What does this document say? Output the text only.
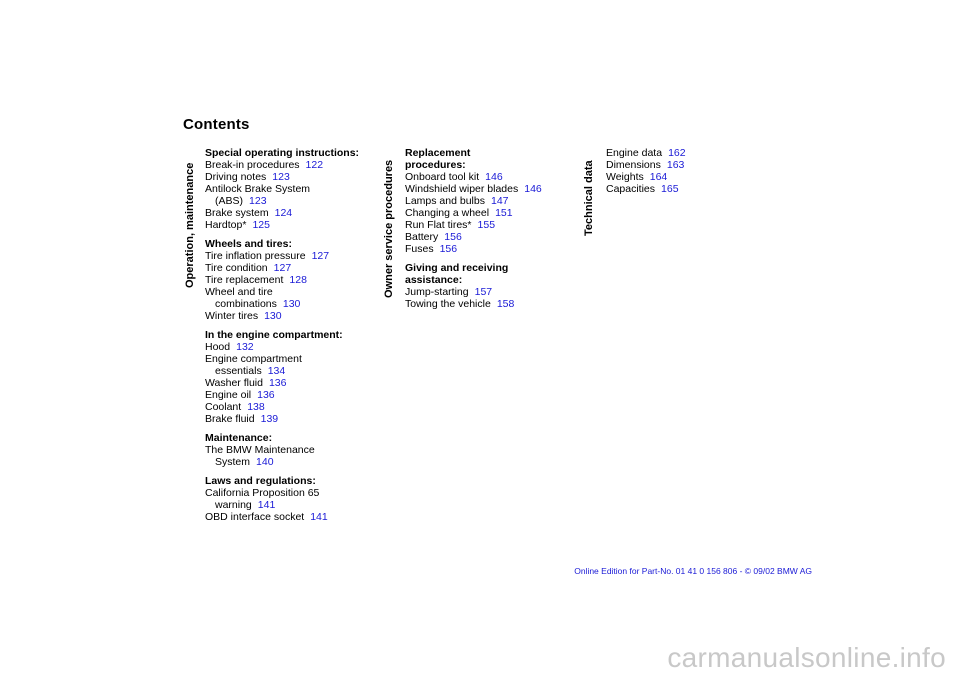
Contents
Operation, maintenance	Owner service procedures	Technical data
Special operating instructions:
Break-in procedures 122
Driving notes 123
Antilock Brake System
(ABS) 123
Brake system 124
Hardtop* 125
Wheels and tires:
Tire inflation pressure 127
Tire condition 127
Tire replacement 128
Wheel and tire
combinations 130
Winter tires 130
In the engine compartment:
Hood 132
Engine compartment
essentials 134
Washer fluid 136
Engine oil 136
Coolant 138
Brake fluid 139
Maintenance:
The BMW Maintenance
System 140
Laws and regulations:
California Proposition 65
warning 141
OBD interface socket 141
Replacement procedures:
Onboard tool kit 146
Windshield wiper blades 146
Lamps and bulbs 147
Changing a wheel 151
Run Flat tires* 155
Battery 156
Fuses 156
Giving and receiving assistance:
Jump-starting 157
Towing the vehicle 158
Engine data 162
Dimensions 163
Weights 164
Capacities 165
Online Edition for Part-No. 01 41 0 156 806 - © 09/02 BMW AG
carmanualsonline.info
